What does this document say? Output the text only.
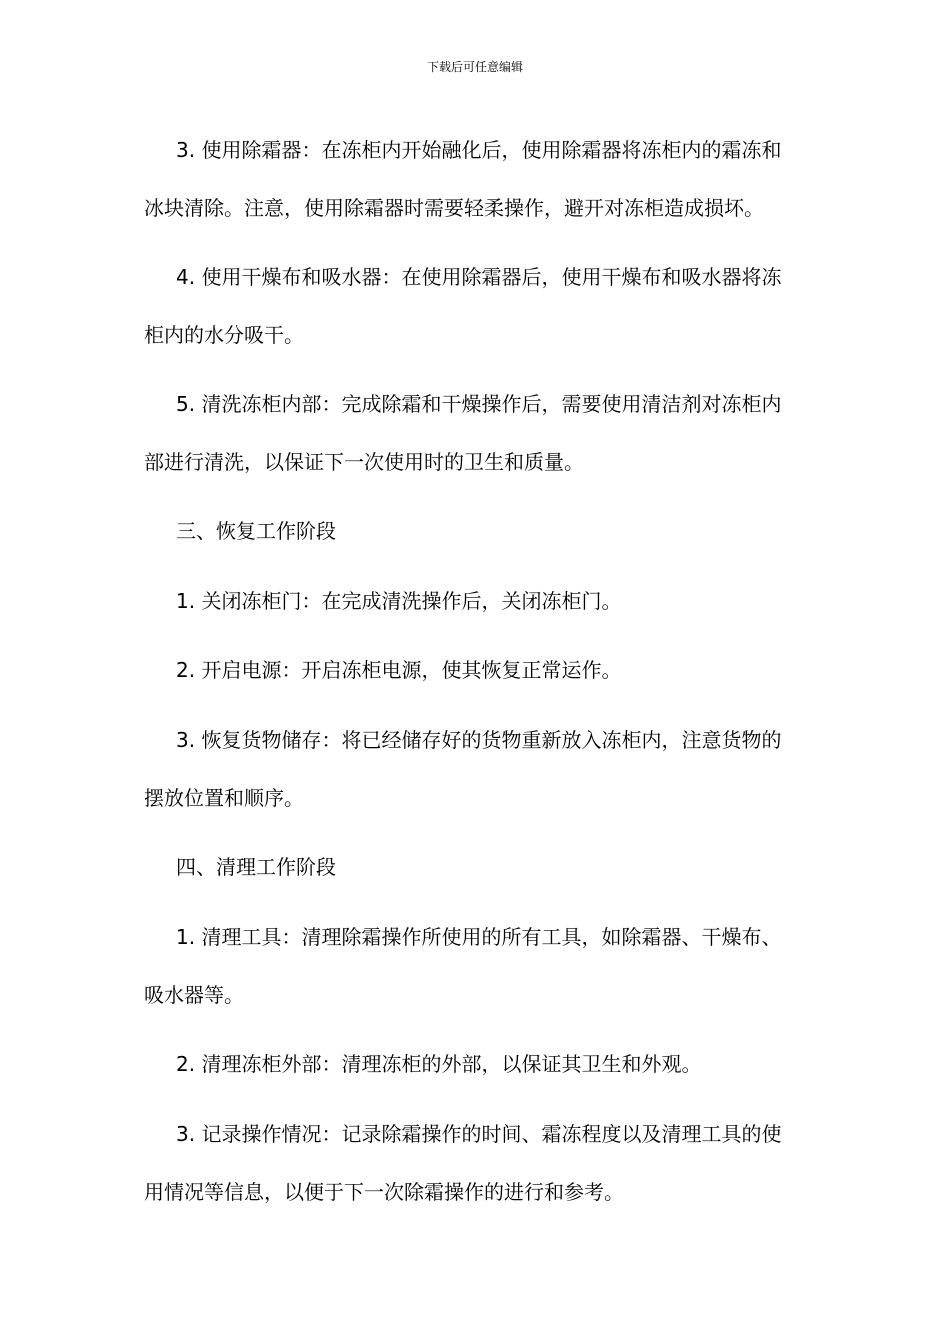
下载后可任意编辑
3. 使用除霜器：在冻柜内开始融化后，使用除霜器将冻柜内的霜冻和
冰块清除。注意，使用除霜器时需要轻柔操作，避开对冻柜造成损坏。
4. 使用干燥布和吸水器：在使用除霜器后，使用干燥布和吸水器将冻
柜内的水分吸干。
5. 清洗冻柜内部：完成除霜和干燥操作后，需要使用清洁剂对冻柜内
部进行清洗，以保证下一次使用时的卫生和质量。
三、恢复工作阶段
1. 关闭冻柜门：在完成清洗操作后，关闭冻柜门。
2. 开启电源：开启冻柜电源，使其恢复正常运作。
3. 恢复货物储存：将已经储存好的货物重新放入冻柜内，注意货物的
摆放位置和顺序。
四、清理工作阶段
1. 清理工具：清理除霜操作所使用的所有工具，如除霜器、干燥布、
吸水器等。
2. 清理冻柜外部：清理冻柜的外部，以保证其卫生和外观。
3. 记录操作情况：记录除霜操作的时间、霜冻程度以及清理工具的使
用情况等信息，以便于下一次除霜操作的进行和参考。
